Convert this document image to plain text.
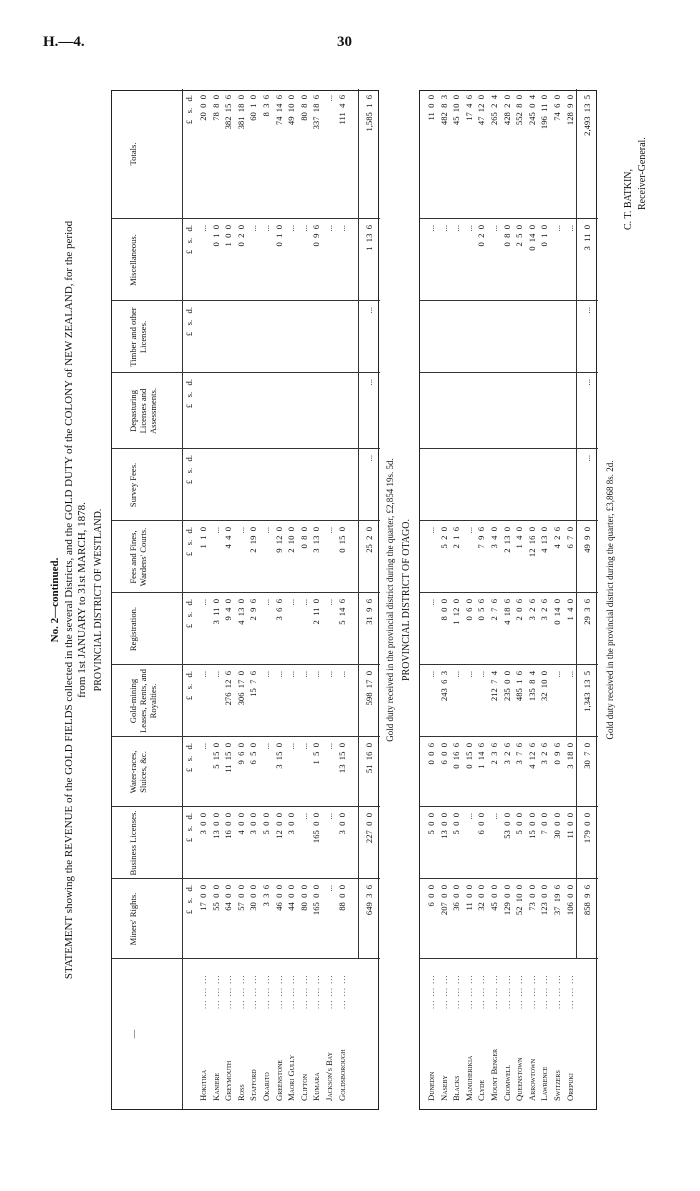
H.—4.	30
No. 2—continued. STATEMENT showing the REVENUE of the GOLD FIELDS collected in the several Districts, and the GOLD DUTY of the COLONY of NEW ZEALAND, for the period from 1st JANUARY to 31st MARCH, 1878. PROVINCIAL DISTRICT OF WESTLAND.
—
Miners' Rights.
Business Licenses.
Water-races, Sluices, &c.
Gold-mining Leases, Rents, and Royalties.
Registration.
Fees and Fines, Wardens' Courts.
Survey Fees.
Depasturing Licenses and Assessments.
Timber and other Licenses.
Miscellaneous.
Totals.
£   s.   d.
£   s.   d.
£   s.   d.
£   s.   d.
£   s.   d.
£   s.   d.
£   s.   d.
£   s.   d.
£   s.   d.
£   s.   d.
£   s.   d.
Hokitika
... ... ...
17  0  0
3  0  0
...
...
...
1  1  0
...
20  0  0
Kaniere
... ... ...
55  0  0
13  0  0
5  15  0
...
3  11  0
...
0  1  0
78  8  0
Greymouth
... ... ...
64  0  0
16  0  0
11  15  0
276  12  6
9  4  0
4  4  0
1  0  0
382  15  6
Ross
... ... ...
57  0  0
4  0  0
9  6  0
306  17  0
4  13  0
...
0  2  0
381  18  0
Stafford
... ... ...
30  0  0
3  0  0
6  5  0
15  7  6
2  9  6
2  19  0
...
60  1  0
Okarito
... ... ...
3  3  6
5  0  0
...
...
...
...
...
8  3  6
Greenstone
... ... ...
46  0  0
12  0  0
3  15  0
...
3  6  6
9  12  0
0  1  0
74  14  6
Maori Gully
... ... ...
44  0  0
3  0  0
...
...
...
2  10  0
...
49  10  0
Clifton
... ... ...
80  0  0
...
...
...
...
0  8  0
...
80  8  0
Kumara
... ... ...
165  0  0
165  0  0
1  5  0
...
2  11  0
3  13  0
0  9  6
337  18  6
Jackson's Bay
... ... ...
...
...
...
...
...
...
...
...
Goldsborough
... ... ...
88  0  0
3  0  0
13  15  0
...
5  14  6
0  15  0
...
111  4  6
649  3  6
227  0  0
51  16  0
598  17  0
31  9  6
25  2  0
...
...
...
1  13  6
1,585  1  6
Gold duty received in the provincial district during the quarter, £2,854 19s. 5d. PROVINCIAL DISTRICT OF OTAGO.
Dunedin
... ... ...
6  0  0
5  0  0
0  0  6
...
...
...
...
11  0  0
Naseby
... ... ...
207  0  0
13  0  0
6  0  0
243  6  3
8  0  0
5  2  0
...
482  8  3
Blacks
... ... ...
36  0  0
5  0  0
0  16  6
...
1  12  0
2  1  6
...
45  10  0
Manuherikia
... ... ...
11  0  0
...
0  15  0
...
0  6  0
...
...
17  4  6
Clyde
... ... ...
32  0  0
6  0  0
1  14  6
...
0  5  6
7  9  6
0  2  0
47  12  0
Mount Benger
... ... ...
45  0  0
...
2  3  6
212  7  4
2  7  6
3  4  0
...
265  2  4
Cromwell
... ... ...
129  0  0
53  0  0
3  2  6
235  0  0
4  18  6
2  13  0
0  8  0
428  2  0
Queenstown
... ... ...
52  10  0
5  0  0
3  7  6
485  1  6
2  0  6
1  4  0
2  5  0
552  8  0
Arrowtown
... ... ...
73  0  0
15  0  0
4  12  6
135  8  4
3  2  6
12  16  0
0  14  0
245  0  4
Lawrence
... ... ...
123  0  0
7  0  0
3  2  6
32  10  0
3  2  6
4  13  0
0  1  0
196  11  0
Switzers
... ... ...
37  19  6
30  0  0
0  9  6
...
0  14  0
4  2  6
...
74  6  0
Orepuki
... ... ...
106  0  0
11  0  0
3  18  0
...
1  4  0
6  7  0
...
128  9  0
858  9  6
179  0  0
30  7  0
1,343  13  5
29  3  6
49  9  0
...
...
...
3  11  0
2,493  13  5
Gold duty received in the provincial district during the quarter, £3,868 8s. 2d.
C. T. BATKIN, Receiver-General.
